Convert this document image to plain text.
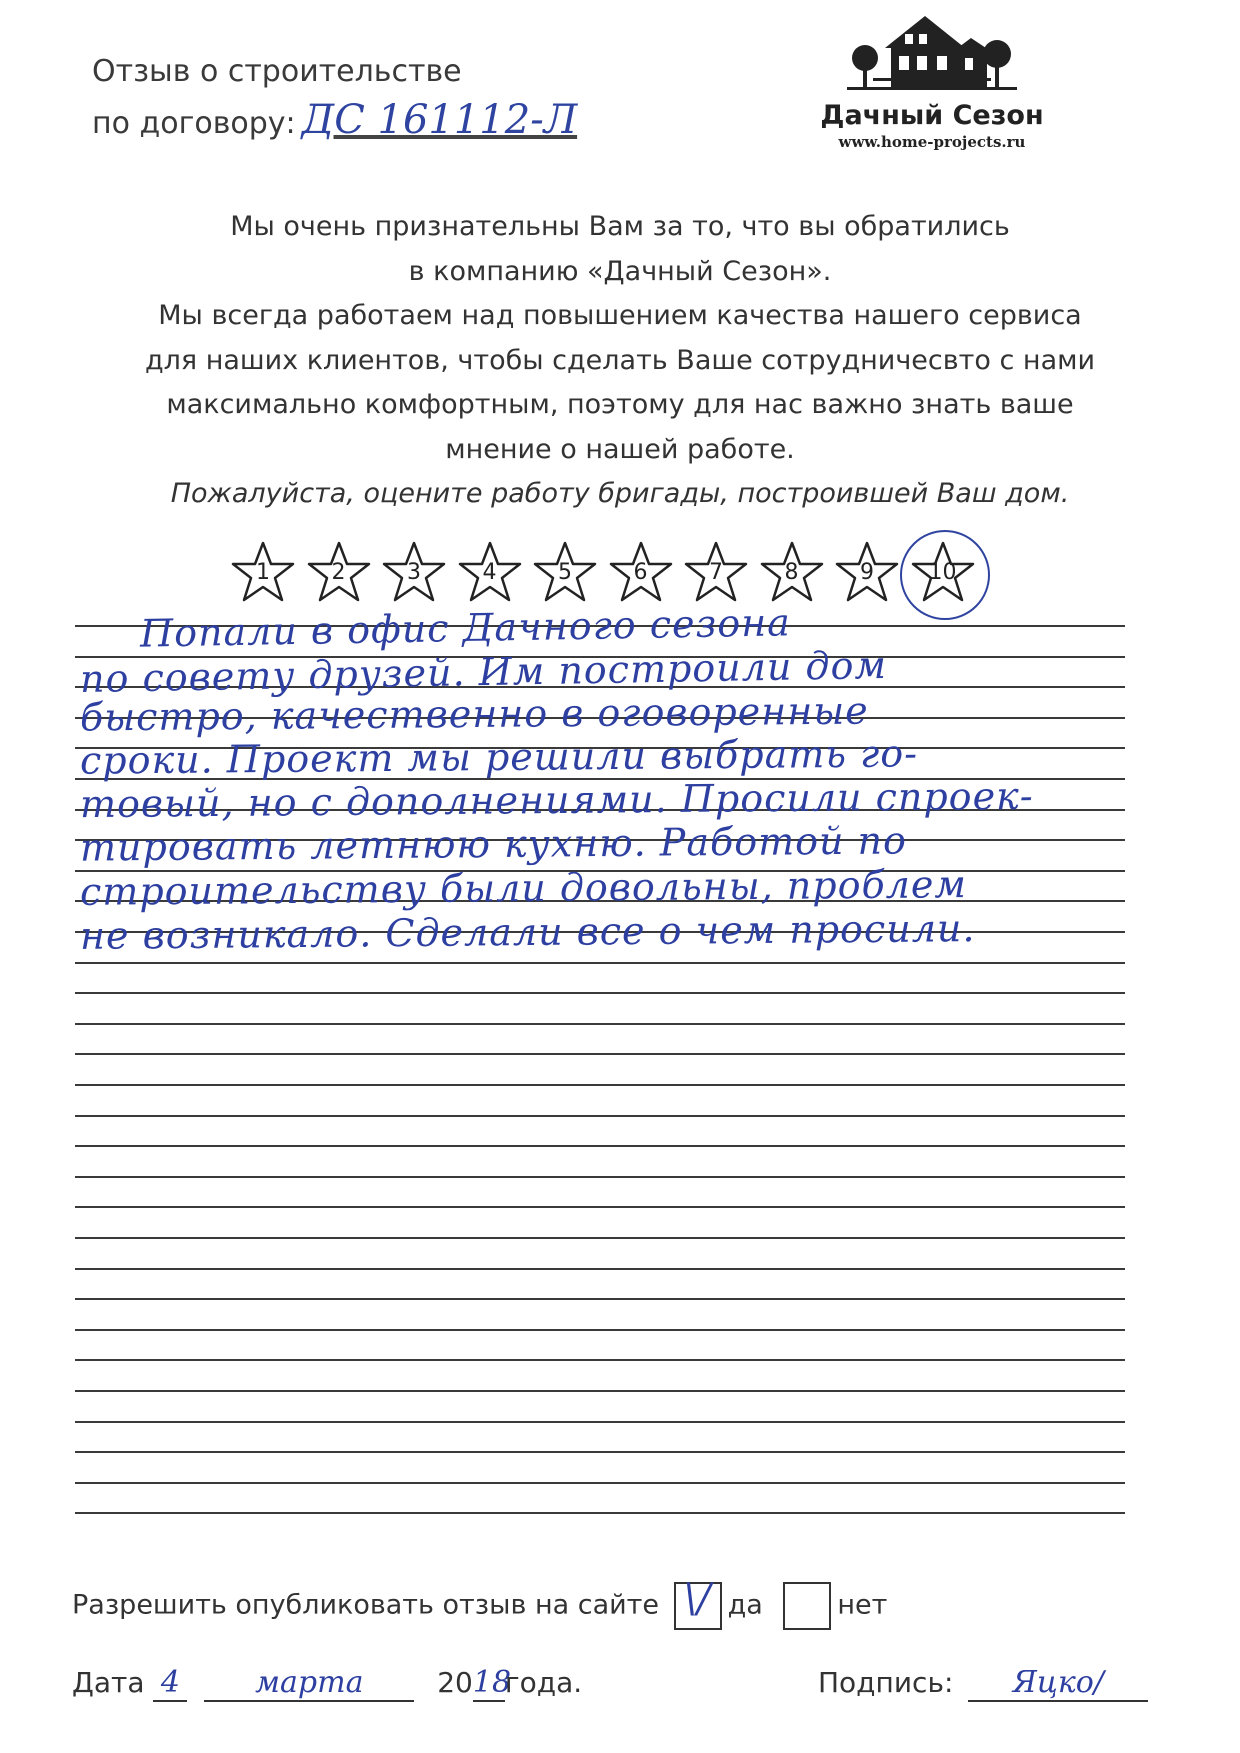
Отзыв о строительстве
по договору: ДС 161112-Л	Дачный Сезон
www.home-projects.ru
Мы очень признательны Вам за то, что вы обратились
в компанию «Дачный Сезон».
Мы всегда работаем над повышением качества нашего сервиса
для наших клиентов, чтобы сделать Ваше сотрудничесвто с нами
максимально комфортным, поэтому для нас важно знать ваше
мнение о нашей работе.
Пожалуйста, оцените работу бригады, построившей Ваш дом.
1	2	3	4	5	6	7	8	9	10
Попали в офис Дачного сезона
по совету друзей. Им построили дом
быстро, качественно в оговоренные
сроки. Проект мы решили выбрать го-
товый, но с дополнениями. Просили спроек-
тировать летнюю кухню. Работой по
строительству были довольны, проблем
не возникало. Сделали все о чем просили.
Разрешить опубликовать отзыв на сайте \/ да	нет
Дата 4	марта	2018года.	Подпись: Яцко/
